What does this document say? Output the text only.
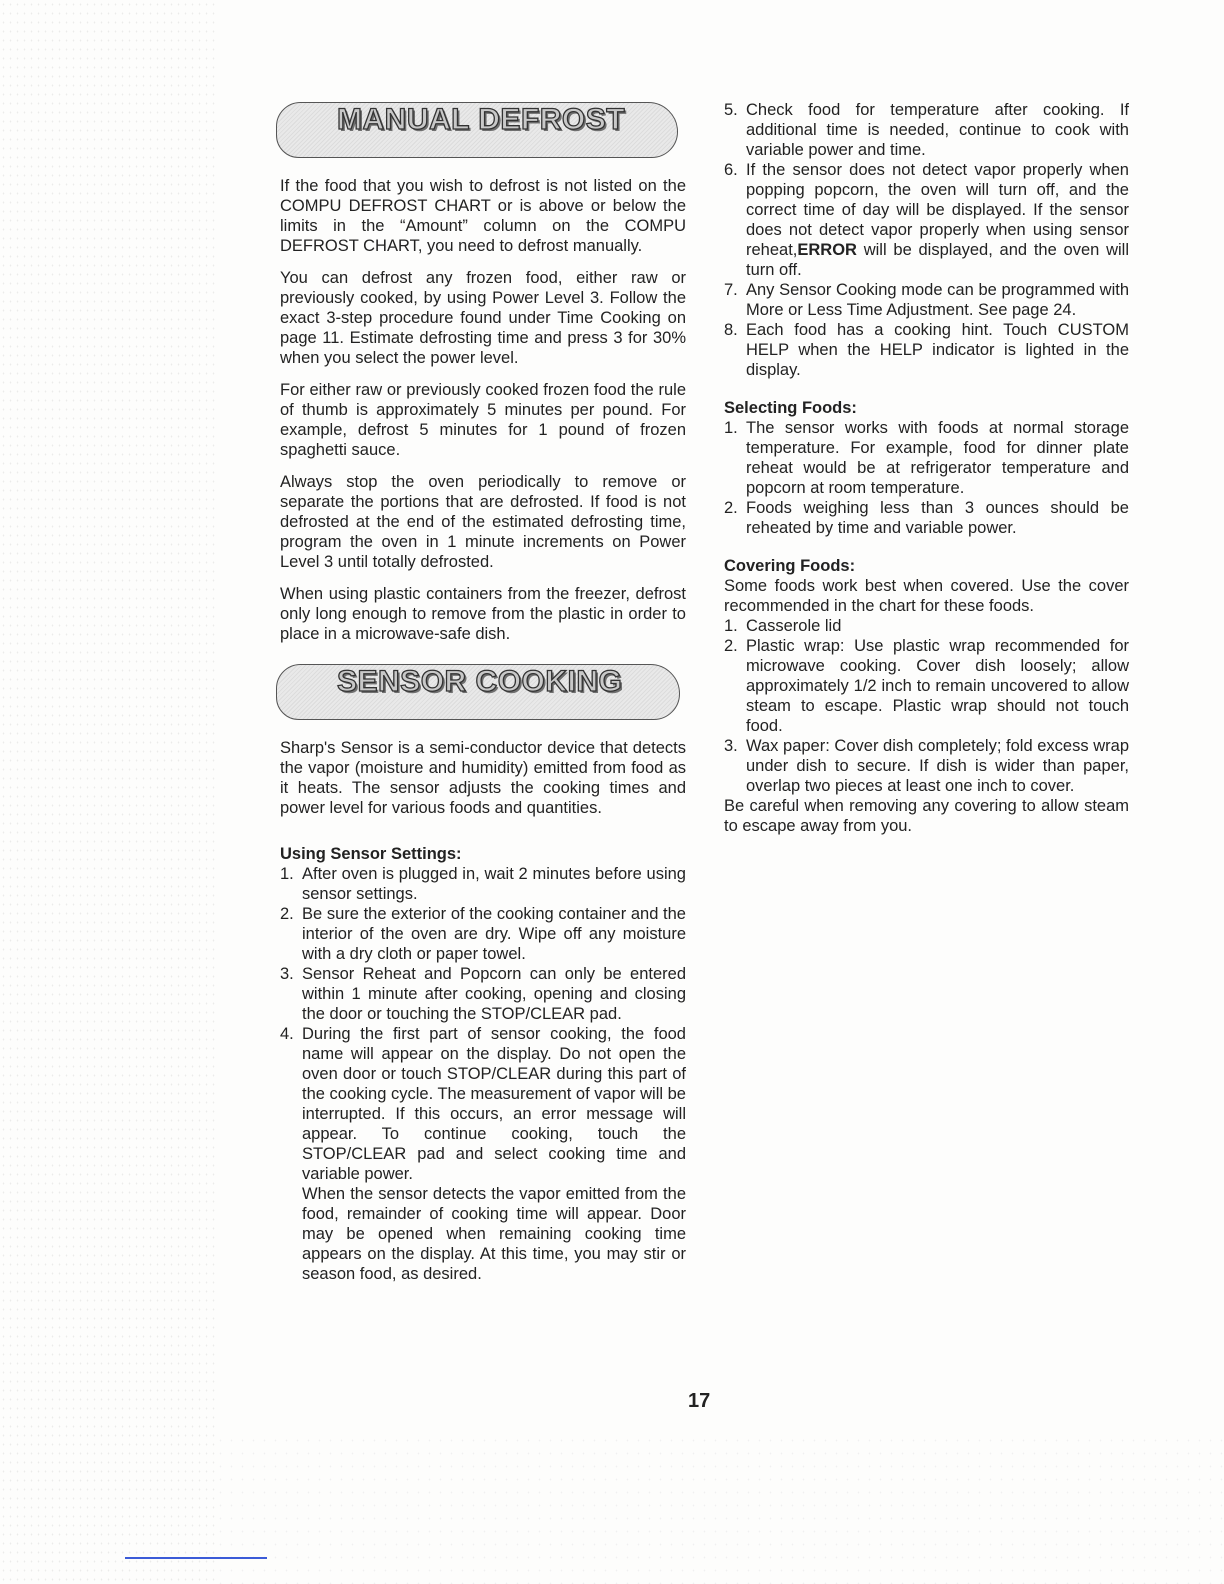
MANUAL DEFROST

If the food that you wish to defrost is not listed on the COMPU DEFROST CHART or is above or below the limits in the “Amount” column on the COMPU DEFROST CHART, you need to defrost manually.

You can defrost any frozen food, either raw or previously cooked, by using Power Level 3. Follow the exact 3-step procedure found under Time Cooking on page 11. Estimate defrosting time and press 3 for 30% when you select the power level.

For either raw or previously cooked frozen food the rule of thumb is approximately 5 minutes per pound. For example, defrost 5 minutes for 1 pound of frozen spaghetti sauce.

Always stop the oven periodically to remove or separate the portions that are defrosted. If food is not defrosted at the end of the estimated defrosting time, program the oven in 1 minute increments on Power Level 3 until totally defrosted.

When using plastic containers from the freezer, defrost only long enough to remove from the plastic in order to place in a microwave-safe dish.

SENSOR COOKING

Sharp's Sensor is a semi-conductor device that detects the vapor (moisture and humidity) emitted from food as it heats. The sensor adjusts the cooking times and power level for various foods and quantities.

Using Sensor Settings:
1. After oven is plugged in, wait 2 minutes before using sensor settings.
2. Be sure the exterior of the cooking container and the interior of the oven are dry. Wipe off any moisture with a dry cloth or paper towel.
3. Sensor Reheat and Popcorn can only be entered within 1 minute after cooking, opening and closing the door or touching the STOP/CLEAR pad.
4. During the first part of sensor cooking, the food name will appear on the display. Do not open the oven door or touch STOP/CLEAR during this part of the cooking cycle. The measurement of vapor will be interrupted. If this occurs, an error message will appear. To continue cooking, touch the STOP/CLEAR pad and select cooking time and variable power.

When the sensor detects the vapor emitted from the food, remainder of cooking time will appear. Door may be opened when remaining cooking time appears on the display. At this time, you may stir or season food, as desired.

5. Check food for temperature after cooking. If additional time is needed, continue to cook with variable power and time.
6. If the sensor does not detect vapor properly when popping popcorn, the oven will turn off, and the correct time of day will be displayed. If the sensor does not detect vapor properly when using sensor reheat,ERROR will be displayed, and the oven will turn off.
7. Any Sensor Cooking mode can be programmed with More or Less Time Adjustment. See page 24.
8. Each food has a cooking hint. Touch CUSTOM HELP when the HELP indicator is lighted in the display.
Selecting Foods:
1. The sensor works with foods at normal storage temperature. For example, food for dinner plate reheat would be at refrigerator temperature and popcorn at room temperature.
2. Foods weighing less than 3 ounces should be reheated by time and variable power.
Covering Foods:

Some foods work best when covered. Use the cover recommended in the chart for these foods.

1. Casserole lid
2. Plastic wrap: Use plastic wrap recommended for microwave cooking. Cover dish loosely; allow approximately 1/2 inch to remain uncovered to allow steam to escape. Plastic wrap should not touch food.
3. Wax paper: Cover dish completely; fold excess wrap under dish to secure. If dish is wider than paper, overlap two pieces at least one inch to cover.

Be careful when removing any covering to allow steam to escape away from you.

17
